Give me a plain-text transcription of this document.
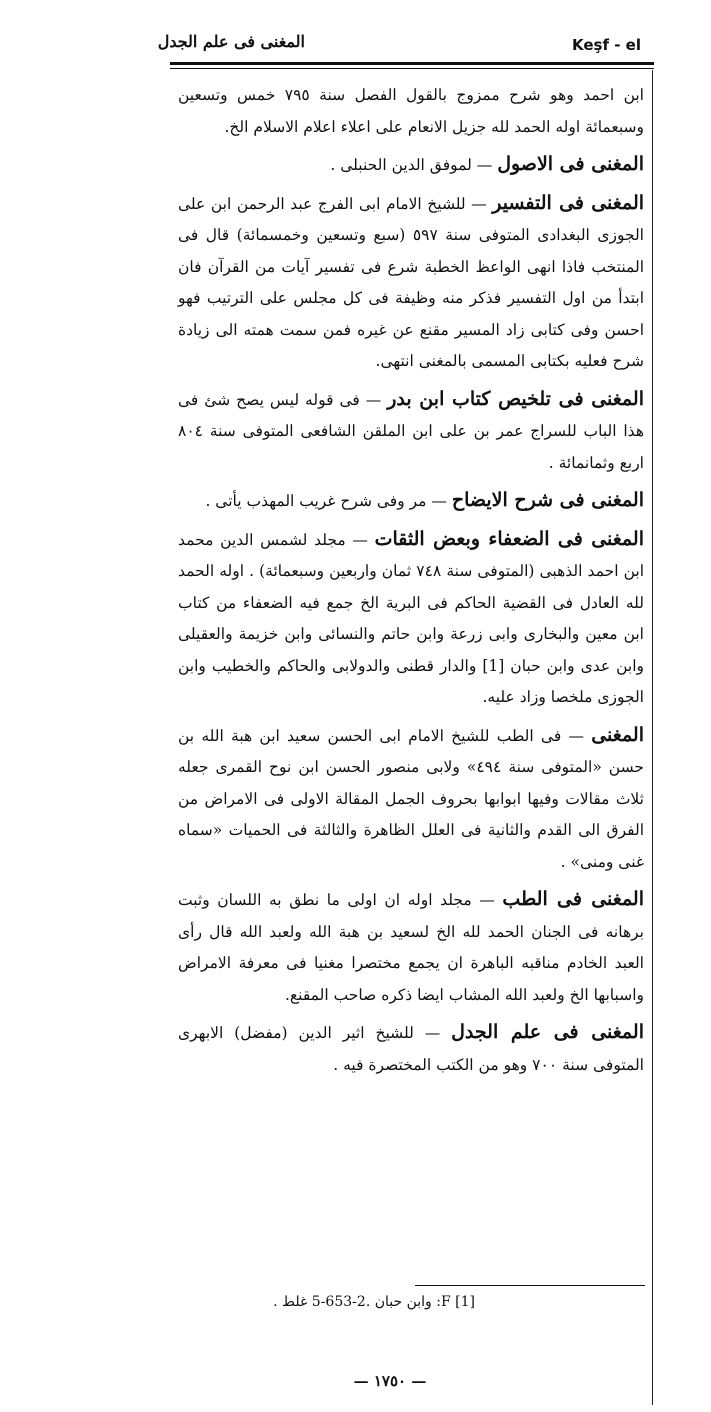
Keşf - el
المغنى فى علم الجدل

ابن احمد وهو شرح ممزوج بالقول الفصل سنة ٧٩٥ خمس وتسعين وسبعمائة اوله الحمد لله جزيل الانعام على اعلاء اعلام الاسلام الخ.

المغنى فى الاصول — لموفق الدين الحنبلى .

المغنى فى التفسير — للشيخ الامام ابى الفرج عبد الرحمن ابن على الجوزى البغدادى المتوفى سنة ٥٩٧ (سبع وتسعين وخمسمائة) قال فى المنتخب فاذا انهى الواعظ الخطبة شرع فى تفسير آيات من القرآن فان ابتدأ من اول التفسير فذكر منه وظيفة فى كل مجلس على الترتيب فهو احسن وفى كتابى زاد المسير مقنع عن غيره فمن سمت همته الى زيادة شرح فعليه بكتابى المسمى بالمغنى انتهى.

المغنى فى تلخيص كتاب ابن بدر — فى قوله ليس يصح شئ فى هذا الباب للسراج عمر بن على ابن الملقن الشافعى المتوفى سنة ٨٠٤ اربع وثمانمائة .

المغنى فى شرح الايضاح — مر وفى شرح غريب المهذب يأتى .

المغنى فى الضعفاء وبعض الثقات — مجلد لشمس الدين محمد ابن احمد الذهبى (المتوفى سنة ٧٤٨ ثمان واربعين وسبعمائة) . اوله الحمد لله العادل فى القضية الحاكم فى البرية الخ جمع فيه الضعفاء من كتاب ابن معين والبخارى وابى زرعة وابن حاتم والنسائى وابن خزيمة والعقيلى وابن عدى وابن حبان [1] والدار قطنى والدولابى والحاكم والخطيب وابن الجوزى ملخصا وزاد عليه.

المغنى — فى الطب للشيخ الامام ابى الحسن سعيد ابن هبة الله بن حسن «المتوفى سنة ٤٩٤» ولابى منصور الحسن ابن نوح القمرى جعله ثلاث مقالات وفيها ابوابها بحروف الجمل المقالة الاولى فى الامراض من الفرق الى القدم والثانية فى العلل الظاهرة والثالثة فى الحميات «سماه غنى ومنى» .

المغنى فى الطب — مجلد اوله ان اولى ما نطق به اللسان وثبت برهانه فى الجنان الحمد لله الخ لسعيد بن هبة الله ولعبد الله قال رأى العبد الخادم مناقبه الباهرة ان يجمع مختصرا مغنيا فى معرفة الامراض واسبابها الخ ولعبد الله المشاب ايضا ذكره صاحب المقنع.

المغنى فى علم الجدل — للشيخ اثير الدين (مفضل) الابهرى المتوفى سنة ٧٠٠ وهو من الكتب المختصرة فيه .

[1] F: وابن حبان .2-653-5 غلط .
— ١٧٥٠ —
